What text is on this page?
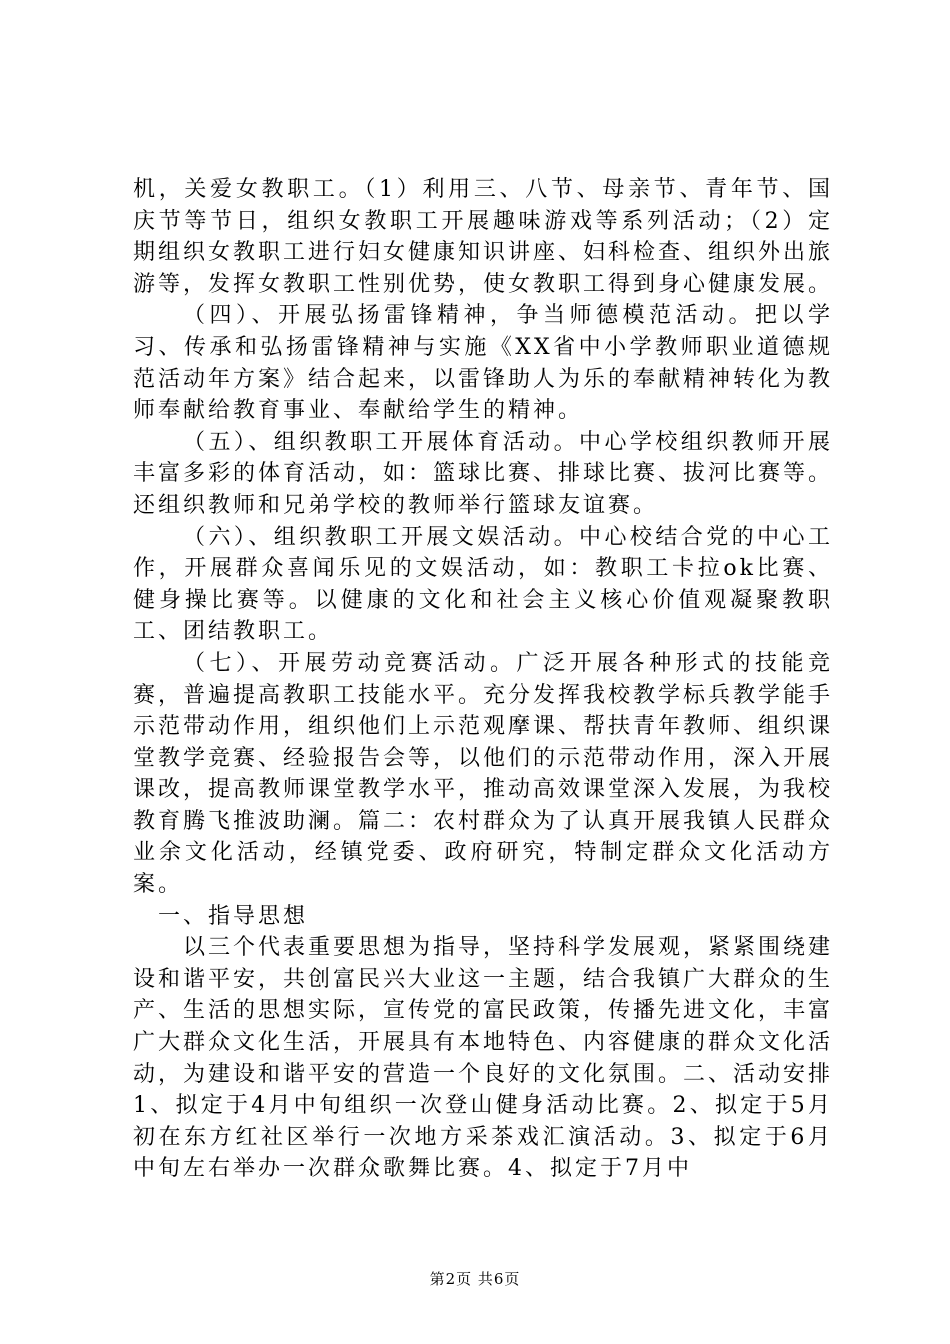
机，关爱女教职工。（1）利用三、八节、母亲节、青年节、国庆节等节日，组织女教职工开展趣味游戏等系列活动；（2）定期组织女教职工进行妇女健康知识讲座、妇科检查、组织外出旅游等，发挥女教职工性别优势，使女教职工得到身心健康发展。

（四）、开展弘扬雷锋精神，争当师德模范活动。把以学习、传承和弘扬雷锋精神与实施《XX省中小学教师职业道德规范活动年方案》结合起来，以雷锋助人为乐的奉献精神转化为教师奉献给教育事业、奉献给学生的精神。

（五）、组织教职工开展体育活动。中心学校组织教师开展丰富多彩的体育活动，如：篮球比赛、排球比赛、拔河比赛等。还组织教师和兄弟学校的教师举行篮球友谊赛。

（六）、组织教职工开展文娱活动。中心校结合党的中心工作，开展群众喜闻乐见的文娱活动，如：教职工卡拉ok比赛、健身操比赛等。以健康的文化和社会主义核心价值观凝聚教职工、团结教职工。

（七）、开展劳动竞赛活动。广泛开展各种形式的技能竞赛，普遍提高教职工技能水平。充分发挥我校教学标兵教学能手示范带动作用，组织他们上示范观摩课、帮扶青年教师、组织课堂教学竞赛、经验报告会等，以他们的示范带动作用，深入开展课改，提高教师课堂教学水平，推动高效课堂深入发展，为我校教育腾飞推波助澜。篇二：农村群众为了认真开展我镇人民群众业余文化活动，经镇党委、政府研究，特制定群众文化活动方案。

一、指导思想

以三个代表重要思想为指导，坚持科学发展观，紧紧围绕建设和谐平安，共创富民兴大业这一主题，结合我镇广大群众的生产、生活的思想实际，宣传党的富民政策，传播先进文化，丰富广大群众文化生活，开展具有本地特色、内容健康的群众文化活动，为建设和谐平安的营造一个良好的文化氛围。二、活动安排1、拟定于4月中旬组织一次登山健身活动比赛。2、拟定于5月初在东方红社区举行一次地方采茶戏汇演活动。3、拟定于6月中旬左右举办一次群众歌舞比赛。4、拟定于7月中

第2页 共6页
